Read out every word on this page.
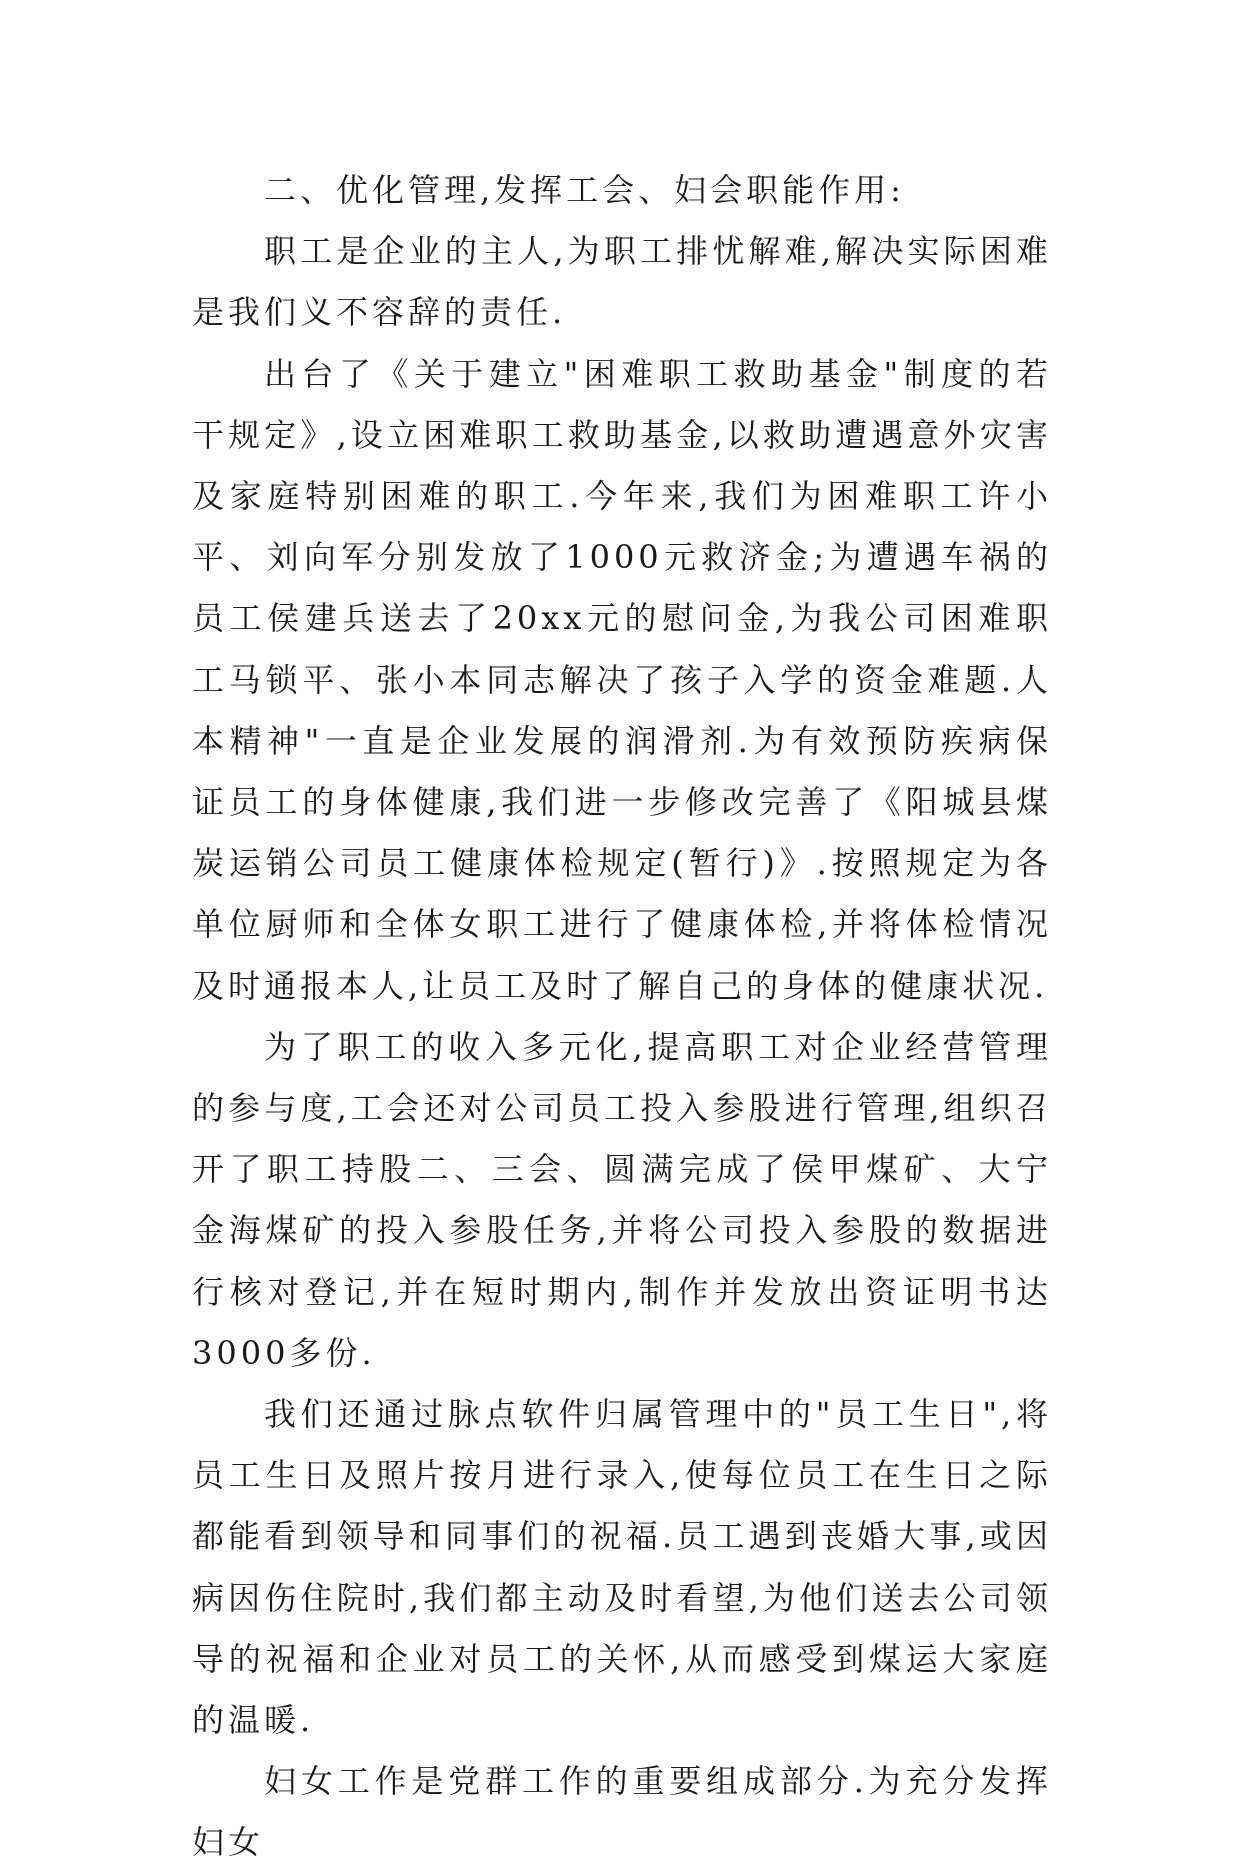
二、优化管理,发挥工会、妇会职能作用:

职工是企业的主人,为职工排忧解难,解决实际困难是我们义不容辞的责任.

出台了《关于建立"困难职工救助基金"制度的若干规定》,设立困难职工救助基金,以救助遭遇意外灾害及家庭特别困难的职工.今年来,我们为困难职工许小平、刘向军分别发放了1000元救济金;为遭遇车祸的员工侯建兵送去了20xx元的慰问金,为我公司困难职工马锁平、张小本同志解决了孩子入学的资金难题.人本精神"一直是企业发展的润滑剂.为有效预防疾病保证员工的身体健康,我们进一步修改完善了《阳城县煤炭运销公司员工健康体检规定(暂行)》.按照规定为各单位厨师和全体女职工进行了健康体检,并将体检情况及时通报本人,让员工及时了解自己的身体的健康状况.

为了职工的收入多元化,提高职工对企业经营管理的参与度,工会还对公司员工投入参股进行管理,组织召开了职工持股二、三会、圆满完成了侯甲煤矿、大宁金海煤矿的投入参股任务,并将公司投入参股的数据进行核对登记,并在短时期内,制作并发放出资证明书达3000多份.

我们还通过脉点软件归属管理中的"员工生日",将员工生日及照片按月进行录入,使每位员工在生日之际都能看到领导和同事们的祝福.员工遇到丧婚大事,或因病因伤住院时,我们都主动及时看望,为他们送去公司领导的祝福和企业对员工的关怀,从而感受到煤运大家庭的温暖.

妇女工作是党群工作的重要组成部分.为充分发挥妇女
